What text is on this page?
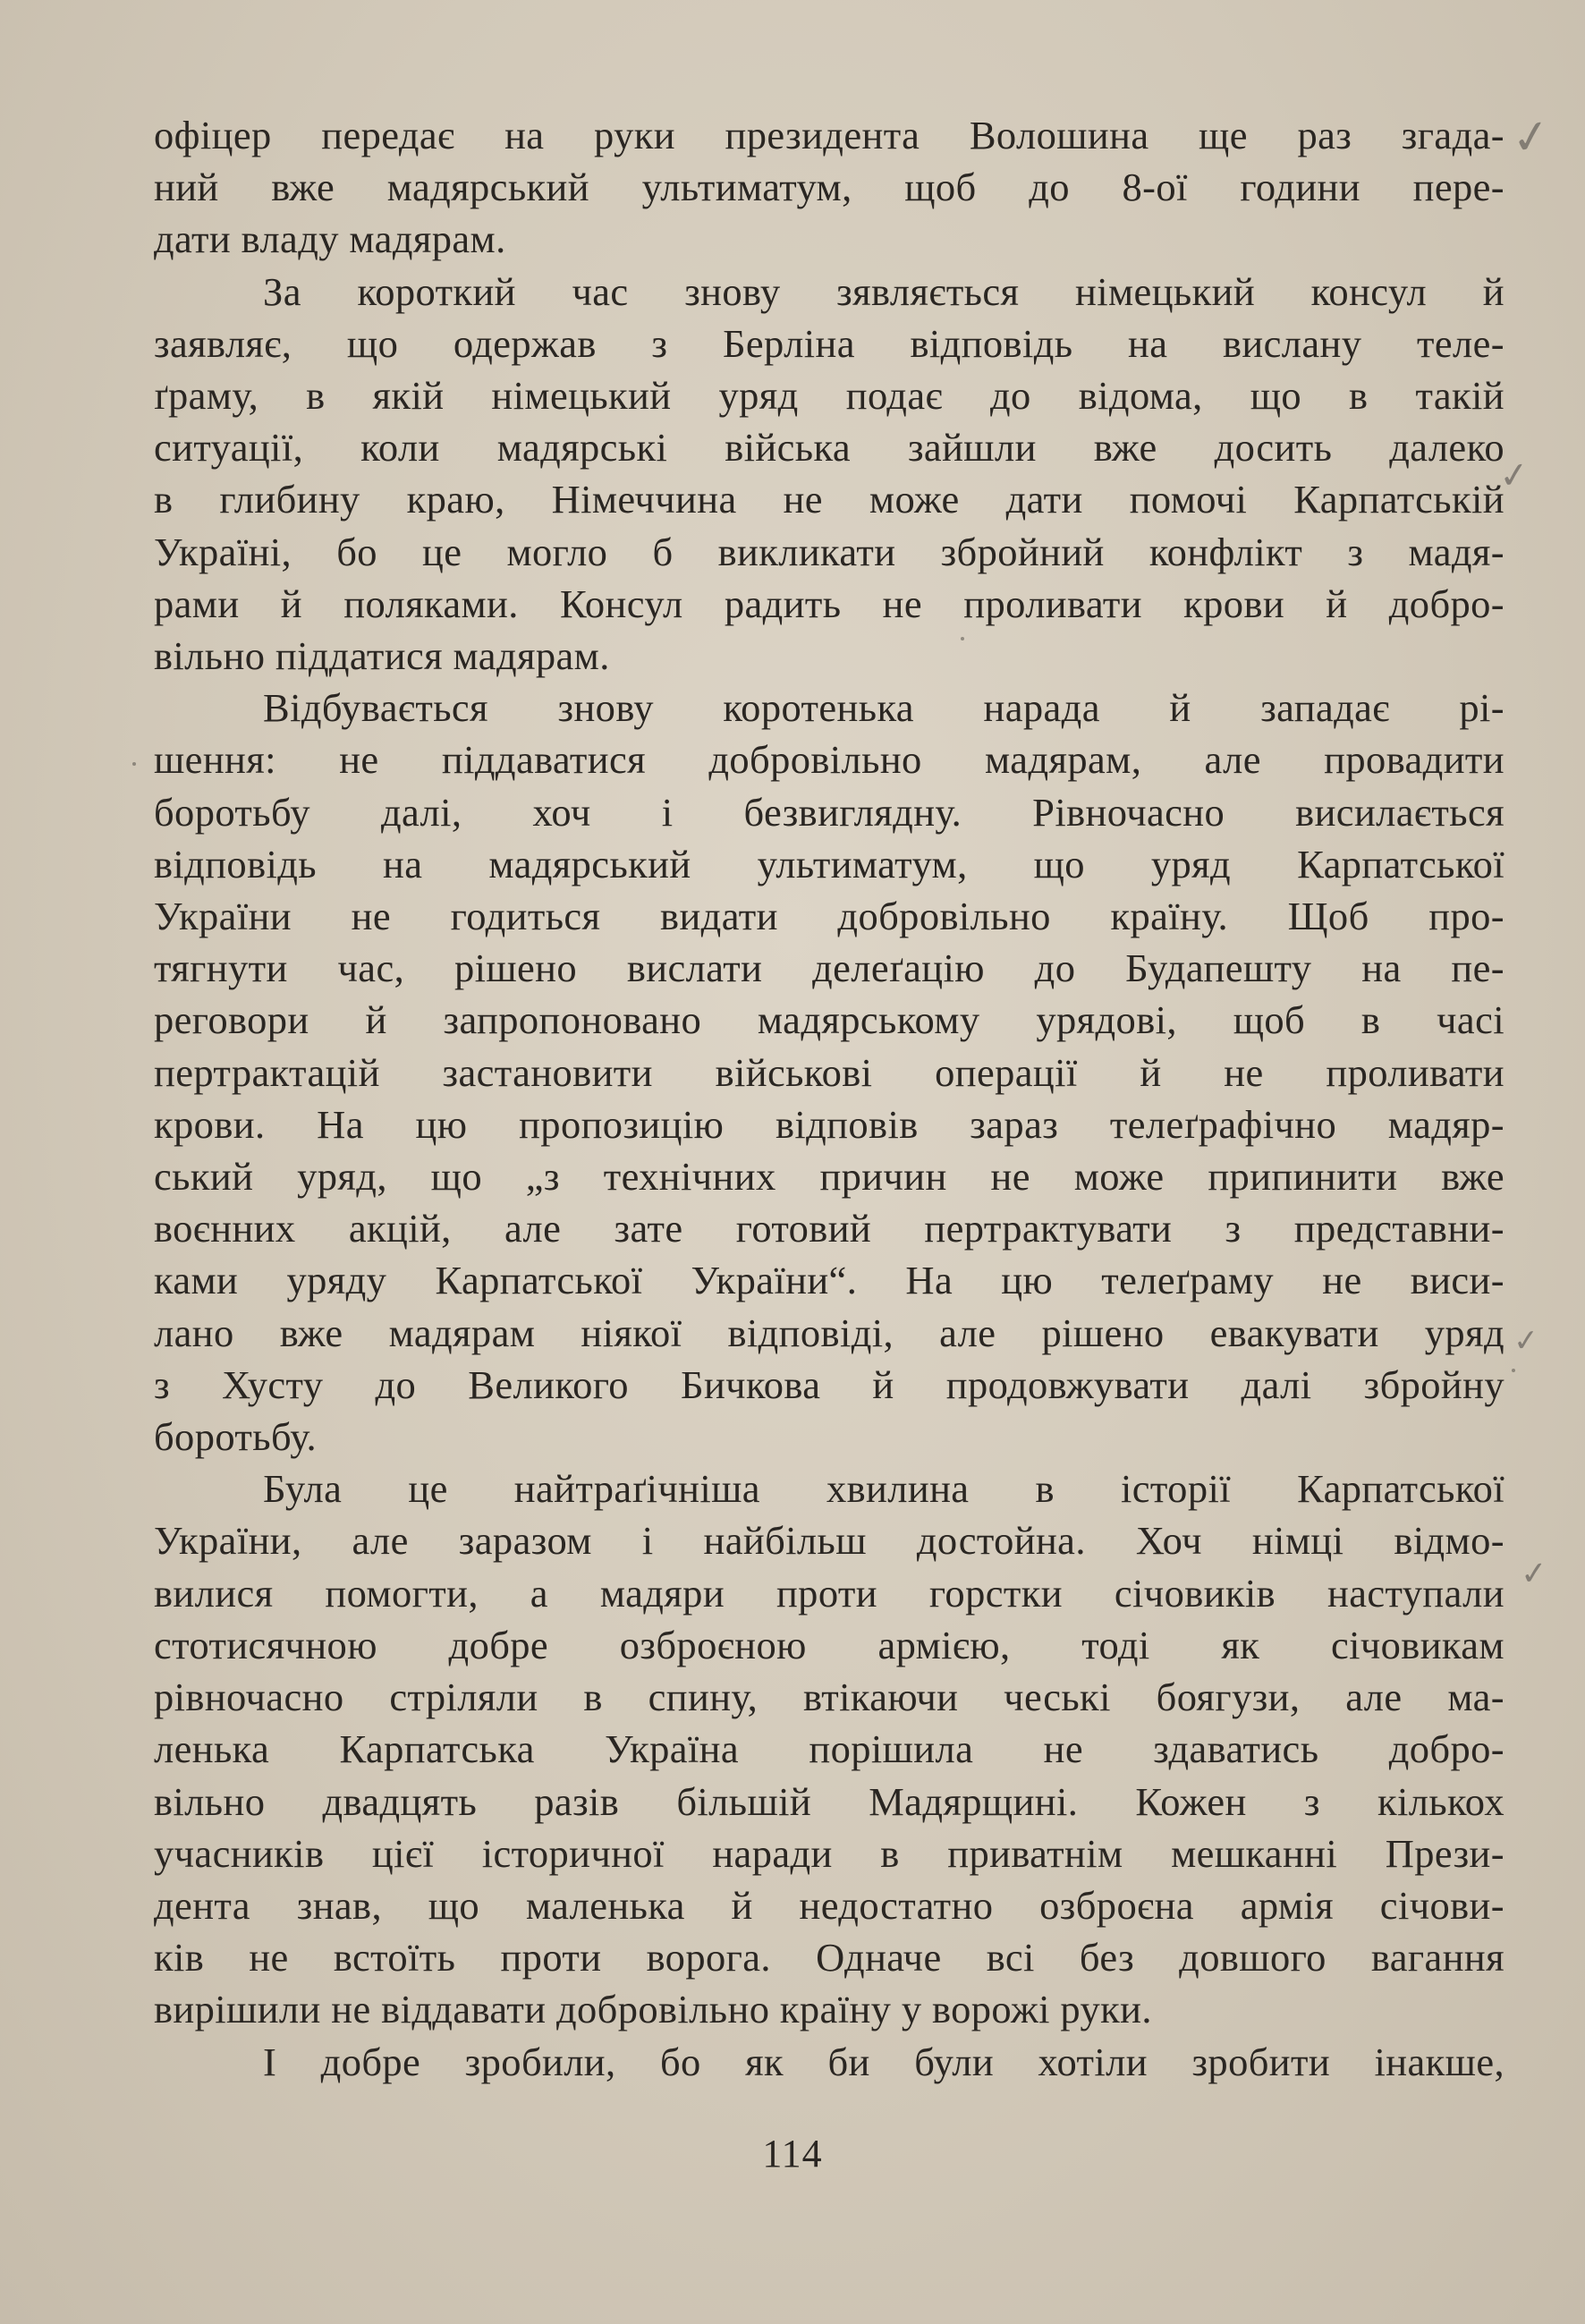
офіцер передає на руки президента Волошина ще раз згада-
ний вже мадярський ультиматум, щоб до 8-ої години пере-
дати владу мадярам.
За короткий час знову зявляється німецький консул й
заявляє, що одержав з Берліна відповідь на вислану теле-
ґраму, в якій німецький уряд подає до відома, що в такій
ситуації, коли мадярські війська зайшли вже досить далеко
в глибину краю, Німеччина не може дати помочі Карпатській
Україні, бо це могло б викликати збройний конфлікт з мадя-
рами й поляками. Консул радить не проливати крови й добро-
вільно піддатися мадярам.
Відбувається знову коротенька нарада й западає рі-
шення: не піддаватися добровільно мадярам, але провадити
боротьбу далі, хоч і безвиглядну. Рівночасно висилається
відповідь на мадярський ультиматум, що уряд Карпатської
України не годиться видати добровільно країну. Щоб про-
тягнути час, рішено вислати делеґацію до Будапешту на пе-
реговори й запропоновано мадярському урядові, щоб в часі
пертрактацій застановити військові операції й не проливати
крови. На цю пропозицію відповів зараз телеґрафічно мадяр-
ський уряд, що „з технічних причин не може припинити вже
воєнних акцій, але зате готовий пертрактувати з представни-
ками уряду Карпатської України“. На цю телеґраму не виси-
лано вже мадярам ніякої відповіді, але рішено евакувати уряд
з Хусту до Великого Бичкова й продовжувати далі збройну
боротьбу.
Була це найтраґічніша хвилина в історії Карпатської
України, але заразом і найбільш достойна. Хоч німці відмо-
вилися помогти, а мадяри проти горстки січовиків наступали
стотисячною добре озброєною армією, тоді як січовикам
рівночасно стріляли в спину, втікаючи чеські боягузи, але ма-
ленька Карпатська Україна порішила не здаватись добро-
вільно двадцять разів більшій Мадярщині. Кожен з кількох
учасників цієї історичної наради в приватнім мешканні Прези-
дента знав, що маленька й недостатно озброєна армія січови-
ків не встоїть проти ворога. Одначе всі без довшого вагання
вирішили не віддавати добровільно країну у ворожі руки.
І добре зробили, бо як би були хотіли зробити інакше,
114
✓
✓
✓
✓
